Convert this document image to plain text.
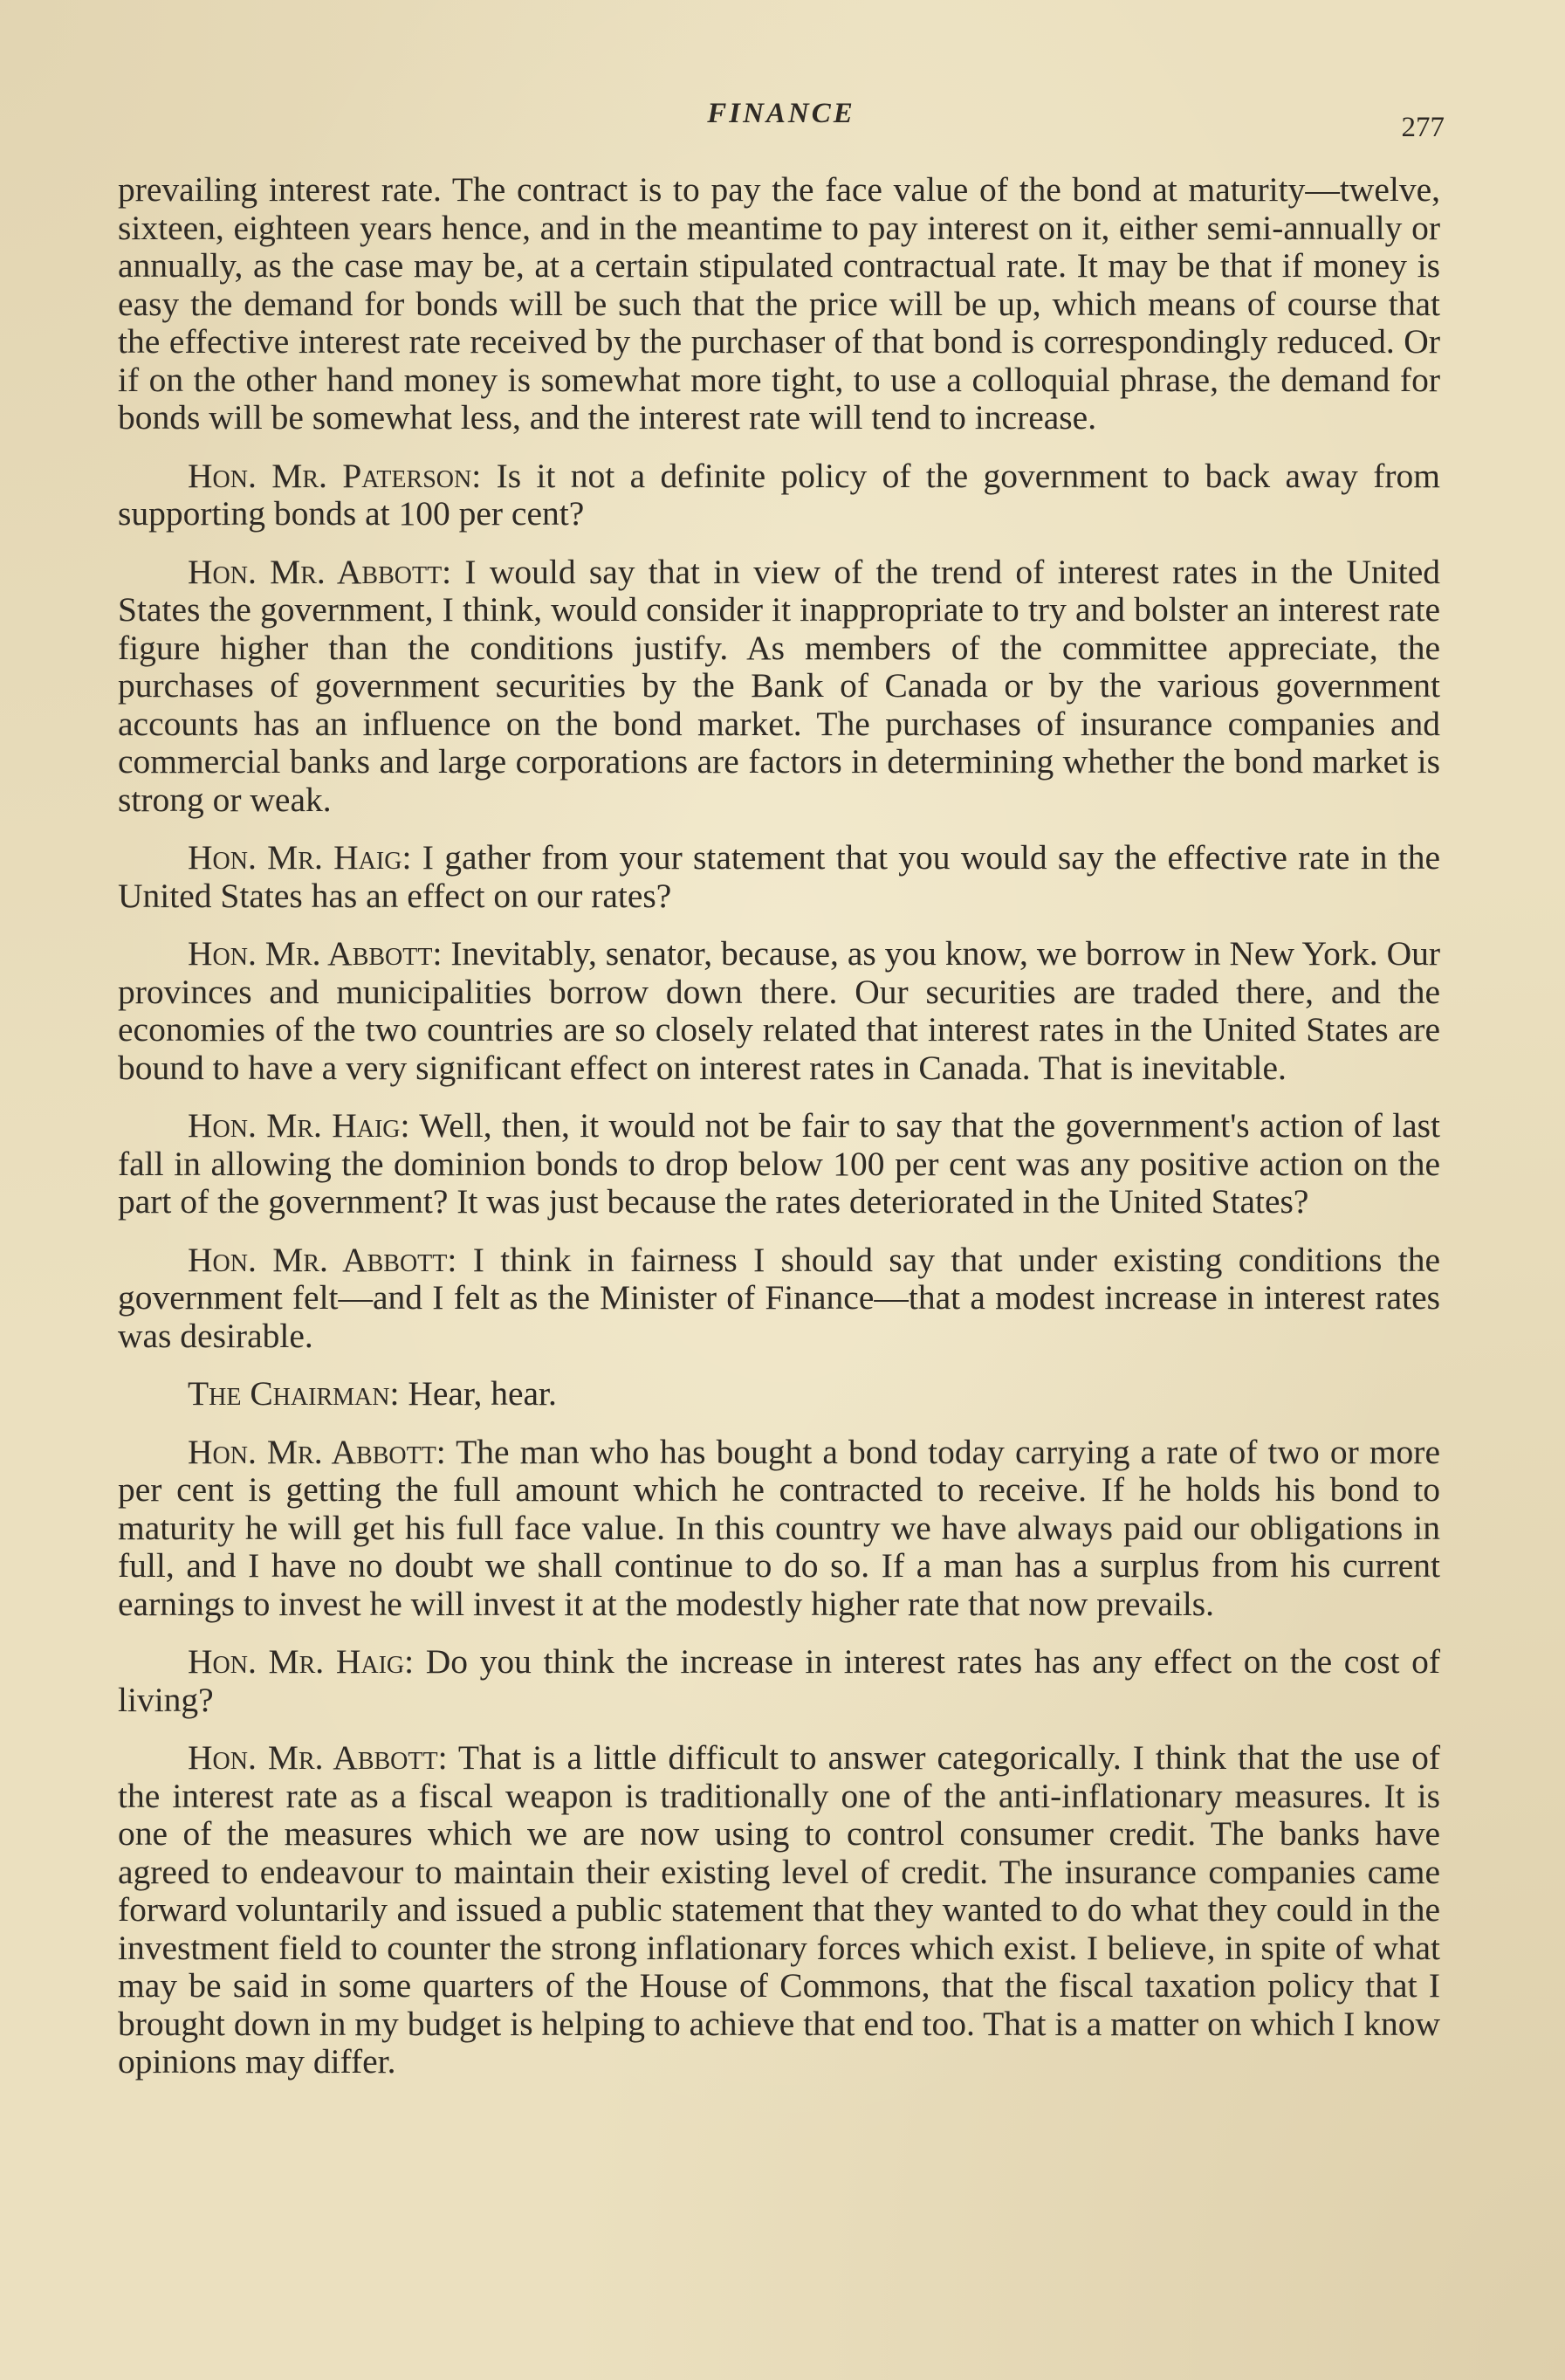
FINANCE	277

prevailing interest rate. The contract is to pay the face value of the bond at maturity—twelve, sixteen, eighteen years hence, and in the meantime to pay interest on it, either semi-annually or annually, as the case may be, at a certain stipulated contractual rate. It may be that if money is easy the demand for bonds will be such that the price will be up, which means of course that the effective interest rate received by the purchaser of that bond is correspondingly reduced. Or if on the other hand money is somewhat more tight, to use a colloquial phrase, the demand for bonds will be somewhat less, and the interest rate will tend to increase.

Hon. Mr. Paterson: Is it not a definite policy of the government to back away from supporting bonds at 100 per cent?

Hon. Mr. Abbott: I would say that in view of the trend of interest rates in the United States the government, I think, would consider it inappropriate to try and bolster an interest rate figure higher than the conditions justify. As members of the committee appreciate, the purchases of government securities by the Bank of Canada or by the various government accounts has an influence on the bond market. The purchases of insurance companies and commercial banks and large corporations are factors in determining whether the bond market is strong or weak.

Hon. Mr. Haig: I gather from your statement that you would say the effective rate in the United States has an effect on our rates?

Hon. Mr. Abbott: Inevitably, senator, because, as you know, we borrow in New York. Our provinces and municipalities borrow down there. Our securities are traded there, and the economies of the two countries are so closely related that interest rates in the United States are bound to have a very significant effect on interest rates in Canada. That is inevitable.

Hon. Mr. Haig: Well, then, it would not be fair to say that the government's action of last fall in allowing the dominion bonds to drop below 100 per cent was any positive action on the part of the government? It was just because the rates deteriorated in the United States?

Hon. Mr. Abbott: I think in fairness I should say that under existing conditions the government felt—and I felt as the Minister of Finance—that a modest increase in interest rates was desirable.

The Chairman: Hear, hear.

Hon. Mr. Abbott: The man who has bought a bond today carrying a rate of two or more per cent is getting the full amount which he contracted to receive. If he holds his bond to maturity he will get his full face value. In this country we have always paid our obligations in full, and I have no doubt we shall continue to do so. If a man has a surplus from his current earnings to invest he will invest it at the modestly higher rate that now prevails.

Hon. Mr. Haig: Do you think the increase in interest rates has any effect on the cost of living?

Hon. Mr. Abbott: That is a little difficult to answer categorically. I think that the use of the interest rate as a fiscal weapon is traditionally one of the anti-inflationary measures. It is one of the measures which we are now using to control consumer credit. The banks have agreed to endeavour to maintain their existing level of credit. The insurance companies came forward voluntarily and issued a public statement that they wanted to do what they could in the investment field to counter the strong inflationary forces which exist. I believe, in spite of what may be said in some quarters of the House of Commons, that the fiscal taxation policy that I brought down in my budget is helping to achieve that end too. That is a matter on which I know opinions may differ.
